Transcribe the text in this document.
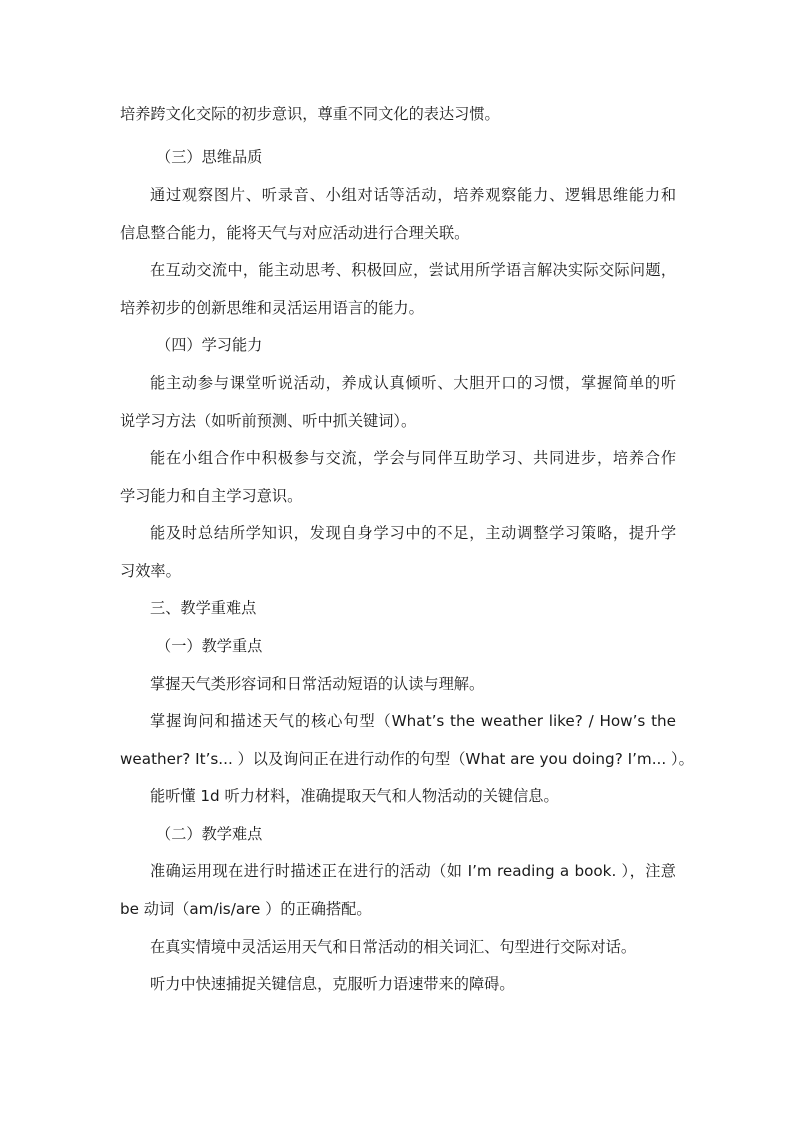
培养跨文化交际的初步意识，尊重不同文化的表达习惯。
（三）思维品质
通过观察图片、听录音、小组对话等活动，培养观察能力、逻辑思维能力和
信息整合能力，能将天气与对应活动进行合理关联。
在互动交流中，能主动思考、积极回应，尝试用所学语言解决实际交际问题，
培养初步的创新思维和灵活运用语言的能力。
（四）学习能力
能主动参与课堂听说活动，养成认真倾听、大胆开口的习惯，掌握简单的听
说学习方法（如听前预测、听中抓关键词）。
能在小组合作中积极参与交流，学会与同伴互助学习、共同进步，培养合作
学习能力和自主学习意识。
能及时总结所学知识，发现自身学习中的不足，主动调整学习策略，提升学
习效率。
三、教学重难点
（一）教学重点
掌握天气类形容词和日常活动短语的认读与理解。
掌握询问和描述天气的核心句型（What’s the weather like? / How’s the
weather? It’s... ）以及询问正在进行动作的句型（What are you doing? I’m... ）。
能听懂 1d 听力材料，准确提取天气和人物活动的关键信息。
（二）教学难点
准确运用现在进行时描述正在进行的活动（如 I’m reading a book. ），注意
be 动词（am/is/are ）的正确搭配。
在真实情境中灵活运用天气和日常活动的相关词汇、句型进行交际对话。
听力中快速捕捉关键信息，克服听力语速带来的障碍。
